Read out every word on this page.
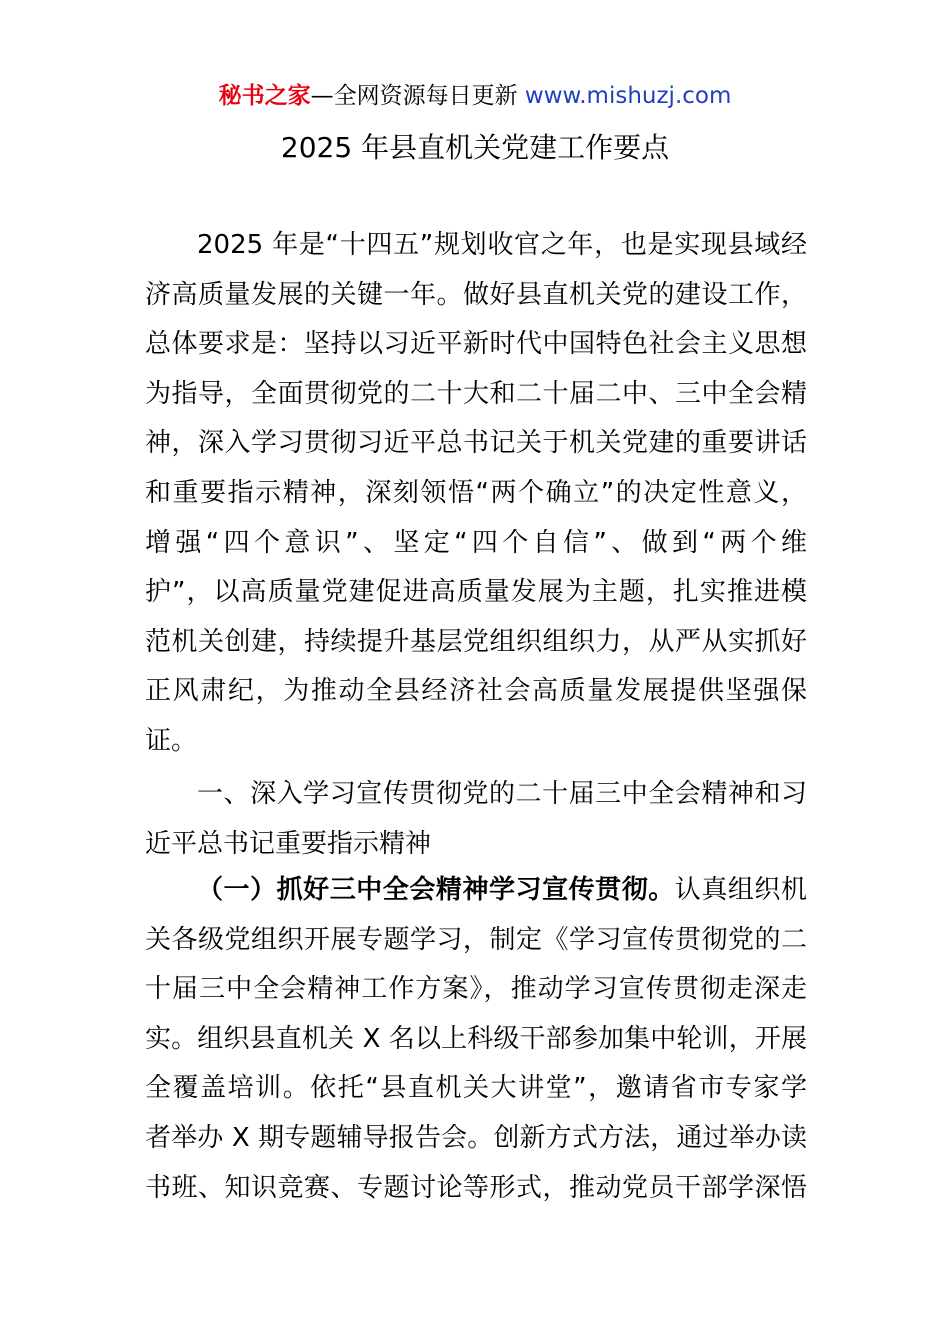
秘书之家—全网资源每日更新 www.mishuzj.com
2025 年县直机关党建工作要点
2025 年是“十四五”规划收官之年，也是实现县域经
济高质量发展的关键一年。做好县直机关党的建设工作，
总体要求是：坚持以习近平新时代中国特色社会主义思想
为指导，全面贯彻党的二十大和二十届二中、三中全会精
神，深入学习贯彻习近平总书记关于机关党建的重要讲话
和重要指示精神，深刻领悟“两个确立”的决定性意义，
增强“四个意识”、坚定“四个自信”、做到“两个维
护”，以高质量党建促进高质量发展为主题，扎实推进模
范机关创建，持续提升基层党组织组织力，从严从实抓好
正风肃纪，为推动全县经济社会高质量发展提供坚强保
证。
一、深入学习宣传贯彻党的二十届三中全会精神和习
近平总书记重要指示精神
（一）抓好三中全会精神学习宣传贯彻。认真组织机
关各级党组织开展专题学习，制定《学习宣传贯彻党的二
十届三中全会精神工作方案》，推动学习宣传贯彻走深走
实。组织县直机关 X 名以上科级干部参加集中轮训，开展
全覆盖培训。依托“县直机关大讲堂”，邀请省市专家学
者举办 X 期专题辅导报告会。创新方式方法，通过举办读
书班、知识竞赛、专题讨论等形式，推动党员干部学深悟
